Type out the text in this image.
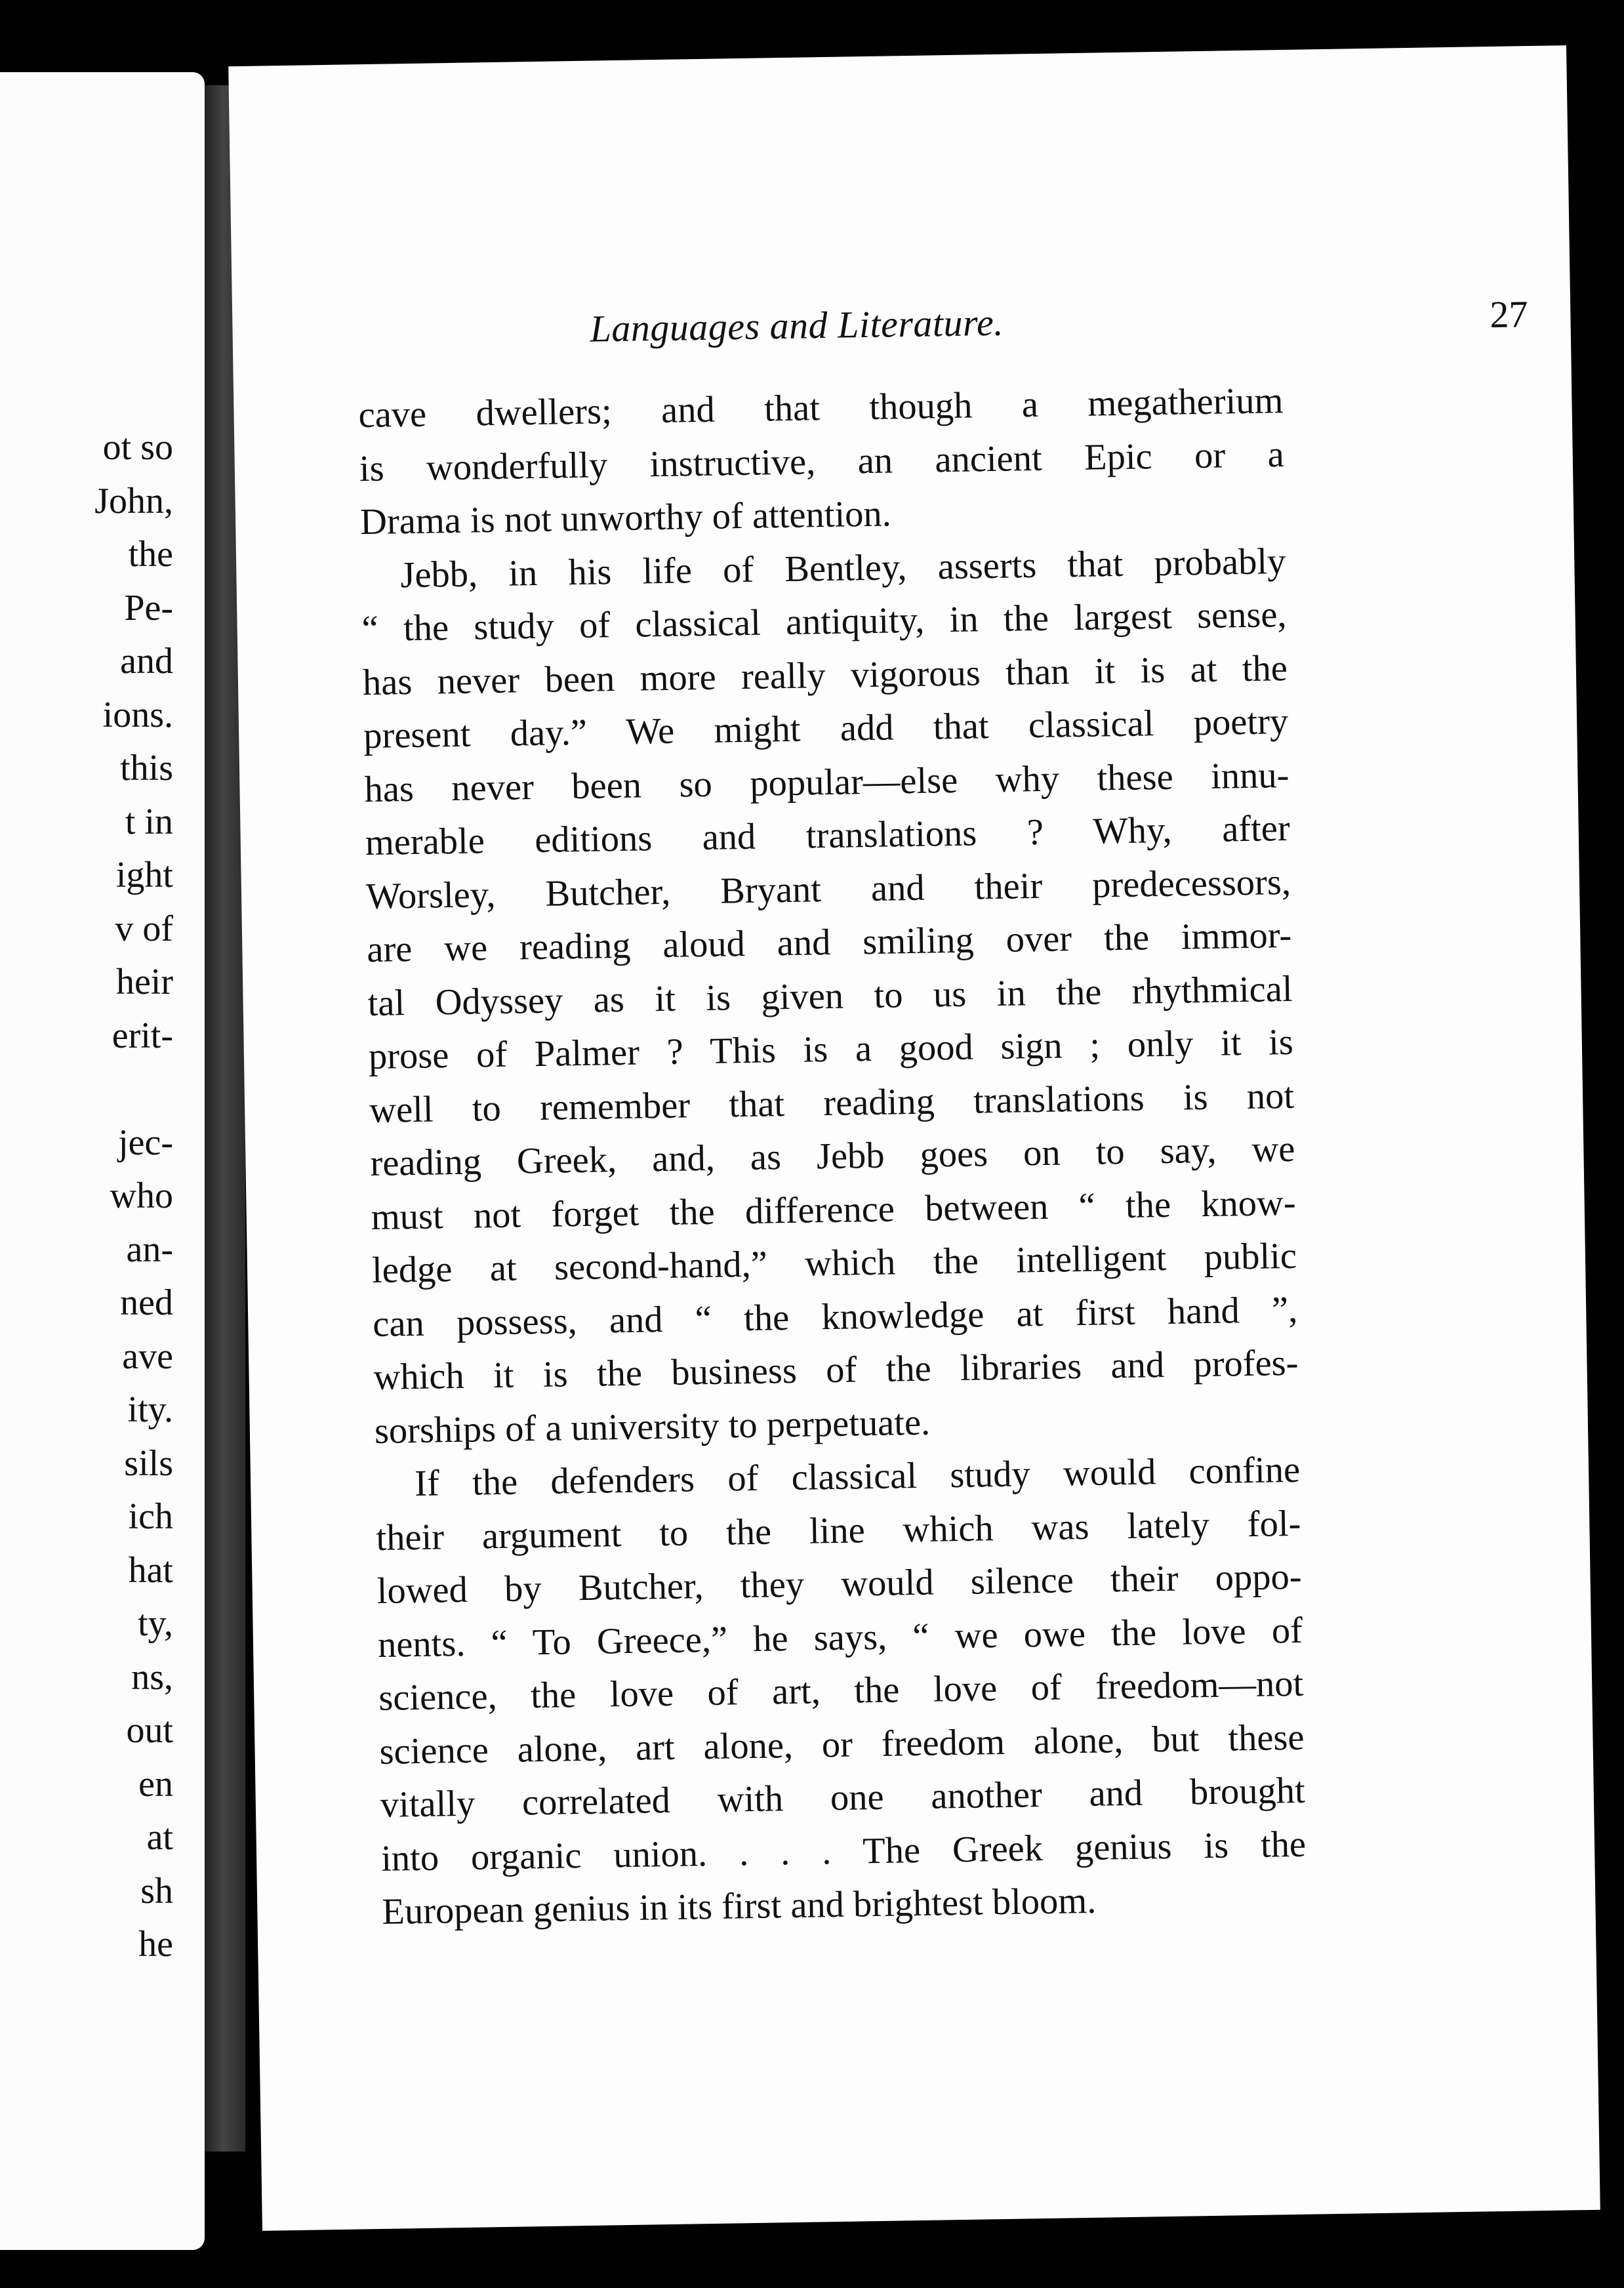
ot so
John,
the
Pe-
and
ions.
this
t in
ight
v of
heir
erit-
jec-
who
an-
ned
ave
ity.
sils
ich
hat
ty,
ns,
out
en
at
sh
he
Languages and Literature.	27
cave dwellers; and that though a megatherium
is wonderfully instructive, an ancient Epic or a
Drama is not unworthy of attention.
Jebb, in his life of Bentley, asserts that probably
“ the study of classical antiquity, in the largest sense,
has never been more really vigorous than it is at the
present day.” We might add that classical poetry
has never been so popular—else why these innu-
merable editions and translations ? Why, after
Worsley, Butcher, Bryant and their predecessors,
are we reading aloud and smiling over the immor-
tal Odyssey as it is given to us in the rhythmical
prose of Palmer ? This is a good sign ; only it is
well to remember that reading translations is not
reading Greek, and, as Jebb goes on to say, we
must not forget the difference between “ the know-
ledge at second-hand,” which the intelligent public
can possess, and “ the knowledge at first hand ”,
which it is the business of the libraries and profes-
sorships of a university to perpetuate.
If the defenders of classical study would confine
their argument to the line which was lately fol-
lowed by Butcher, they would silence their oppo-
nents. “ To Greece,” he says, “ we owe the love of
science, the love of art, the love of freedom—not
science alone, art alone, or freedom alone, but these
vitally correlated with one another and brought
into organic union. . . . The Greek genius is the
European genius in its first and brightest bloom.
